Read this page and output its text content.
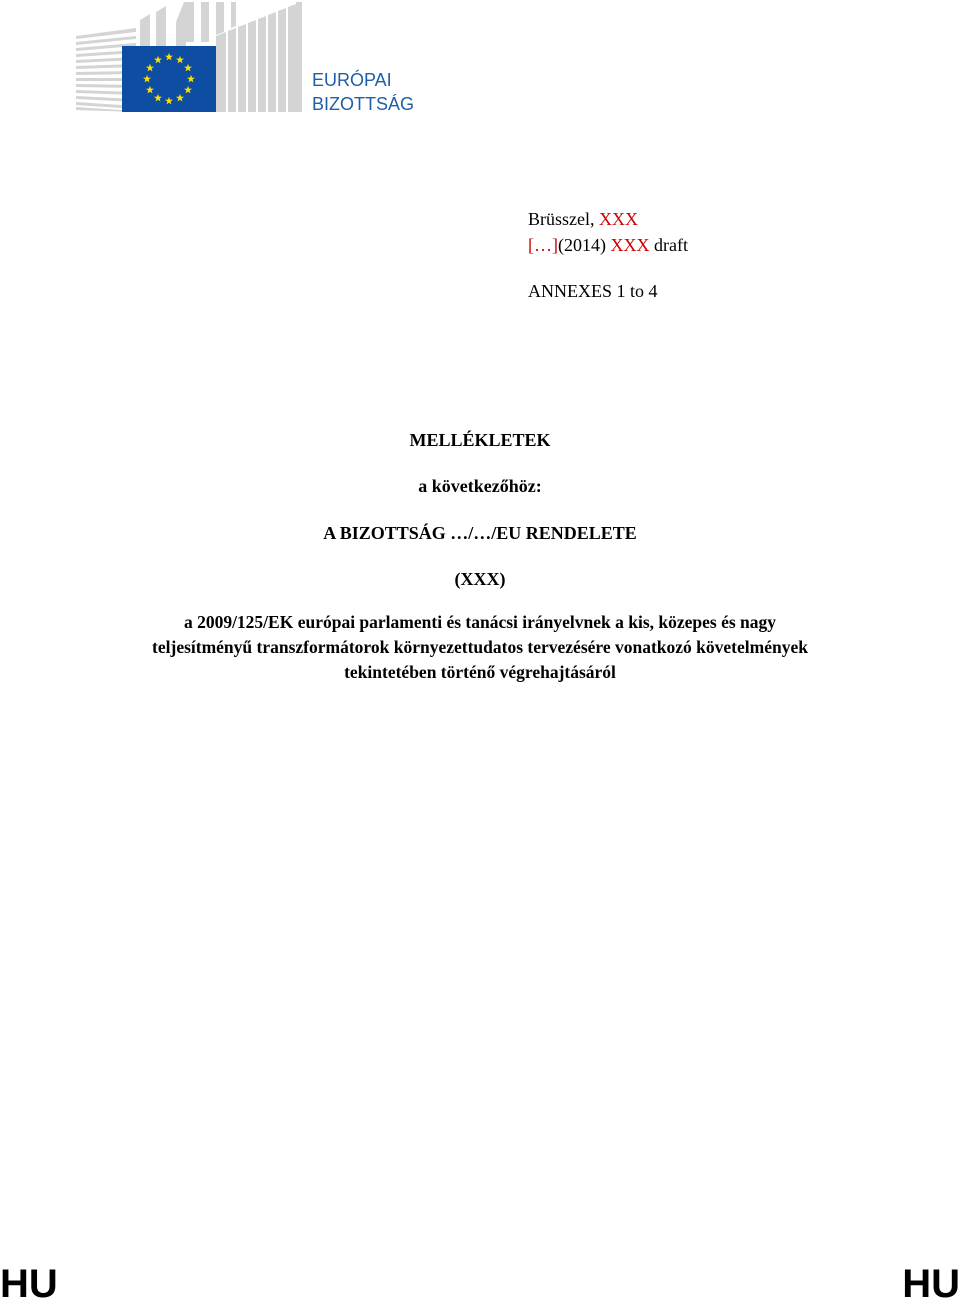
EURÓPAI
BIZOTTSÁG
Brüsszel, XXX
[…](2014) XXX draft
ANNEXES 1 to 4
MELLÉKLETEK
a következőhöz:
A BIZOTTSÁG …/…/EU RENDELETE
(XXX)
a 2009/125/EK európai parlamenti és tanácsi irányelvnek a kis, közepes és nagy
teljesítményű transzformátorok környezettudatos tervezésére vonatkozó követelmények
tekintetében történő végrehajtásáról
HU	HU
